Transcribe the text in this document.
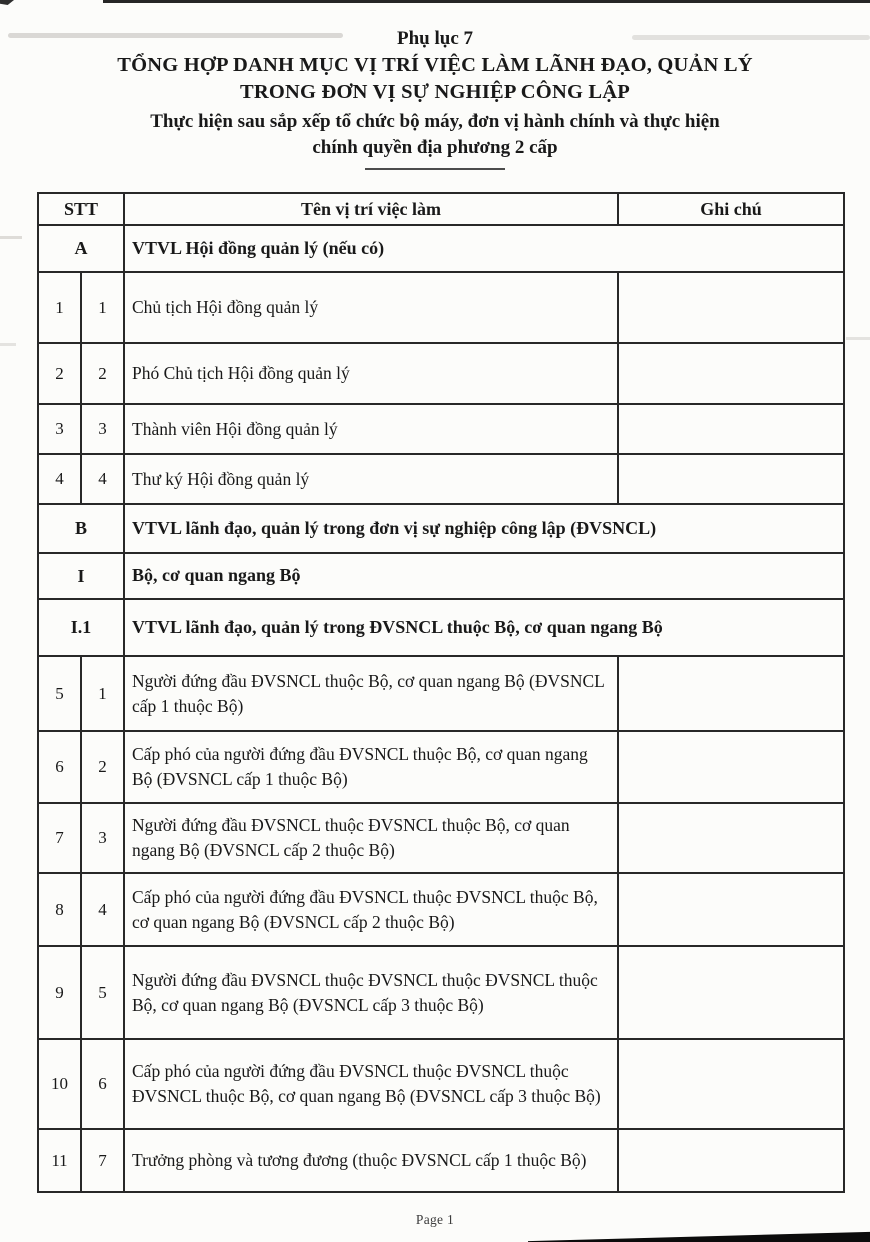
Phụ lục 7
TỔNG HỢP DANH MỤC VỊ TRÍ VIỆC LÀM LÃNH ĐẠO, QUẢN LÝ
TRONG ĐƠN VỊ SỰ NGHIỆP CÔNG LẬP
Thực hiện sau sắp xếp tổ chức bộ máy, đơn vị hành chính và thực hiện
chính quyền địa phương 2 cấp
STT		Tên vị trí việc làm	Ghi chú
A		VTVL Hội đồng quản lý (nếu có)	
1	1	Chủ tịch Hội đồng quản lý	
2	2	Phó Chủ tịch Hội đồng quản lý	
3	3	Thành viên Hội đồng quản lý	
4	4	Thư ký Hội đồng quản lý	
B		VTVL lãnh đạo, quản lý trong đơn vị sự nghiệp công lập (ĐVSNCL)	
I		Bộ, cơ quan ngang Bộ	
I.1		VTVL lãnh đạo, quản lý trong ĐVSNCL thuộc Bộ, cơ quan ngang Bộ	
5	1	Người đứng đầu ĐVSNCL thuộc Bộ, cơ quan ngang Bộ (ĐVSNCL cấp 1 thuộc Bộ)	
6	2	Cấp phó của người đứng đầu ĐVSNCL thuộc Bộ, cơ quan ngang Bộ (ĐVSNCL cấp 1 thuộc Bộ)	
7	3	Người đứng đầu ĐVSNCL thuộc ĐVSNCL thuộc Bộ, cơ quan ngang Bộ (ĐVSNCL cấp 2 thuộc Bộ)	
8	4	Cấp phó của người đứng đầu ĐVSNCL thuộc ĐVSNCL thuộc Bộ, cơ quan ngang Bộ (ĐVSNCL cấp 2 thuộc Bộ)	
9	5	Người đứng đầu ĐVSNCL thuộc ĐVSNCL thuộc ĐVSNCL thuộc Bộ, cơ quan ngang Bộ (ĐVSNCL cấp 3 thuộc Bộ)	
10	6	Cấp phó của người đứng đầu ĐVSNCL thuộc ĐVSNCL thuộc ĐVSNCL thuộc Bộ, cơ quan ngang Bộ (ĐVSNCL cấp 3 thuộc Bộ)	
11	7	Trưởng phòng và tương đương (thuộc ĐVSNCL cấp 1 thuộc Bộ)	
Page 1
